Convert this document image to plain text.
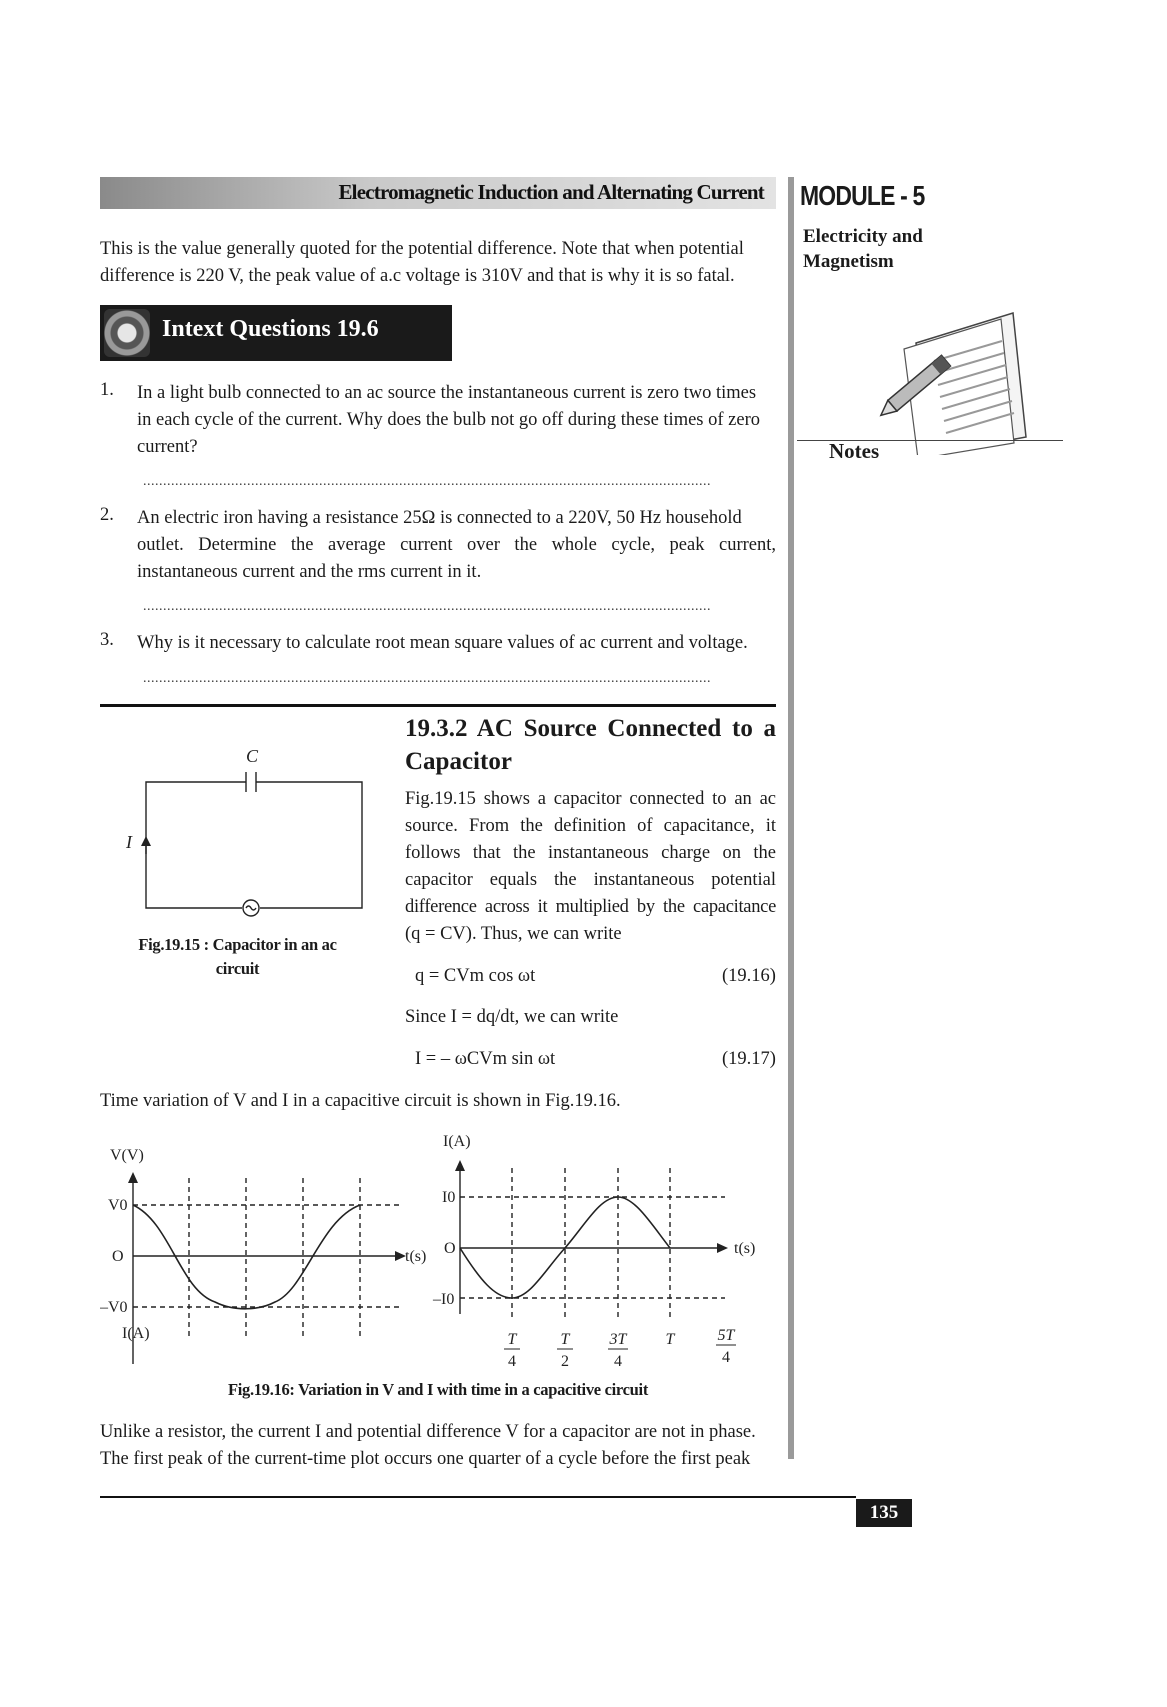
Electromagnetic Induction and Alternating Current	MODULE - 5
Electricity and
Magnetism
Notes
This is the value generally quoted for the potential difference. Note that when potential
difference is 220 V, the peak value of a.c voltage is 310V and that is why it is so fatal.
Intext Questions 19.6
1. In a light bulb connected to an ac source the instantaneous current is zero two times
in each cycle of the current. Why does the bulb not go off during these times of zero
current?
..............................................................................................................................................
2. An electric iron having a resistance 25Ω is connected to a 220V, 50 Hz household
outlet. Determine the average current over the whole cycle, peak current,
instantaneous current and the rms current in it.
..............................................................................................................................................
3. Why is it necessary to calculate root mean square values of ac current and voltage.
..............................................................................................................................................
C
I
Fig.19.15 : Capacitor in an ac
circuit
19.3.2 AC Source Connected to a
Capacitor
Fig.19.15 shows a capacitor connected to an ac
source. From the definition of capacitance, it
follows that the instantaneous charge on the
capacitor equals the instantaneous potential
difference across it multiplied by the capacitance
(q = CV). Thus, we can write
q = CVm cos ωt	(19.16)
Since I = dq/dt, we can write
I = – ωCVm sin ωt	(19.17)
Time variation of V and I in a capacitive circuit is shown in Fig.19.16.
V(V)
V0
O
–V0
t(s)
I(A)
I(A)
I0
O
–I0
t(s)
T
4
T
2
3T
4
T	5T
4
Fig.19.16: Variation in V and I with time in a capacitive circuit
Unlike a resistor, the current I and potential difference V for a capacitor are not in phase.
The first peak of the current-time plot occurs one quarter of a cycle before the first peak
135
